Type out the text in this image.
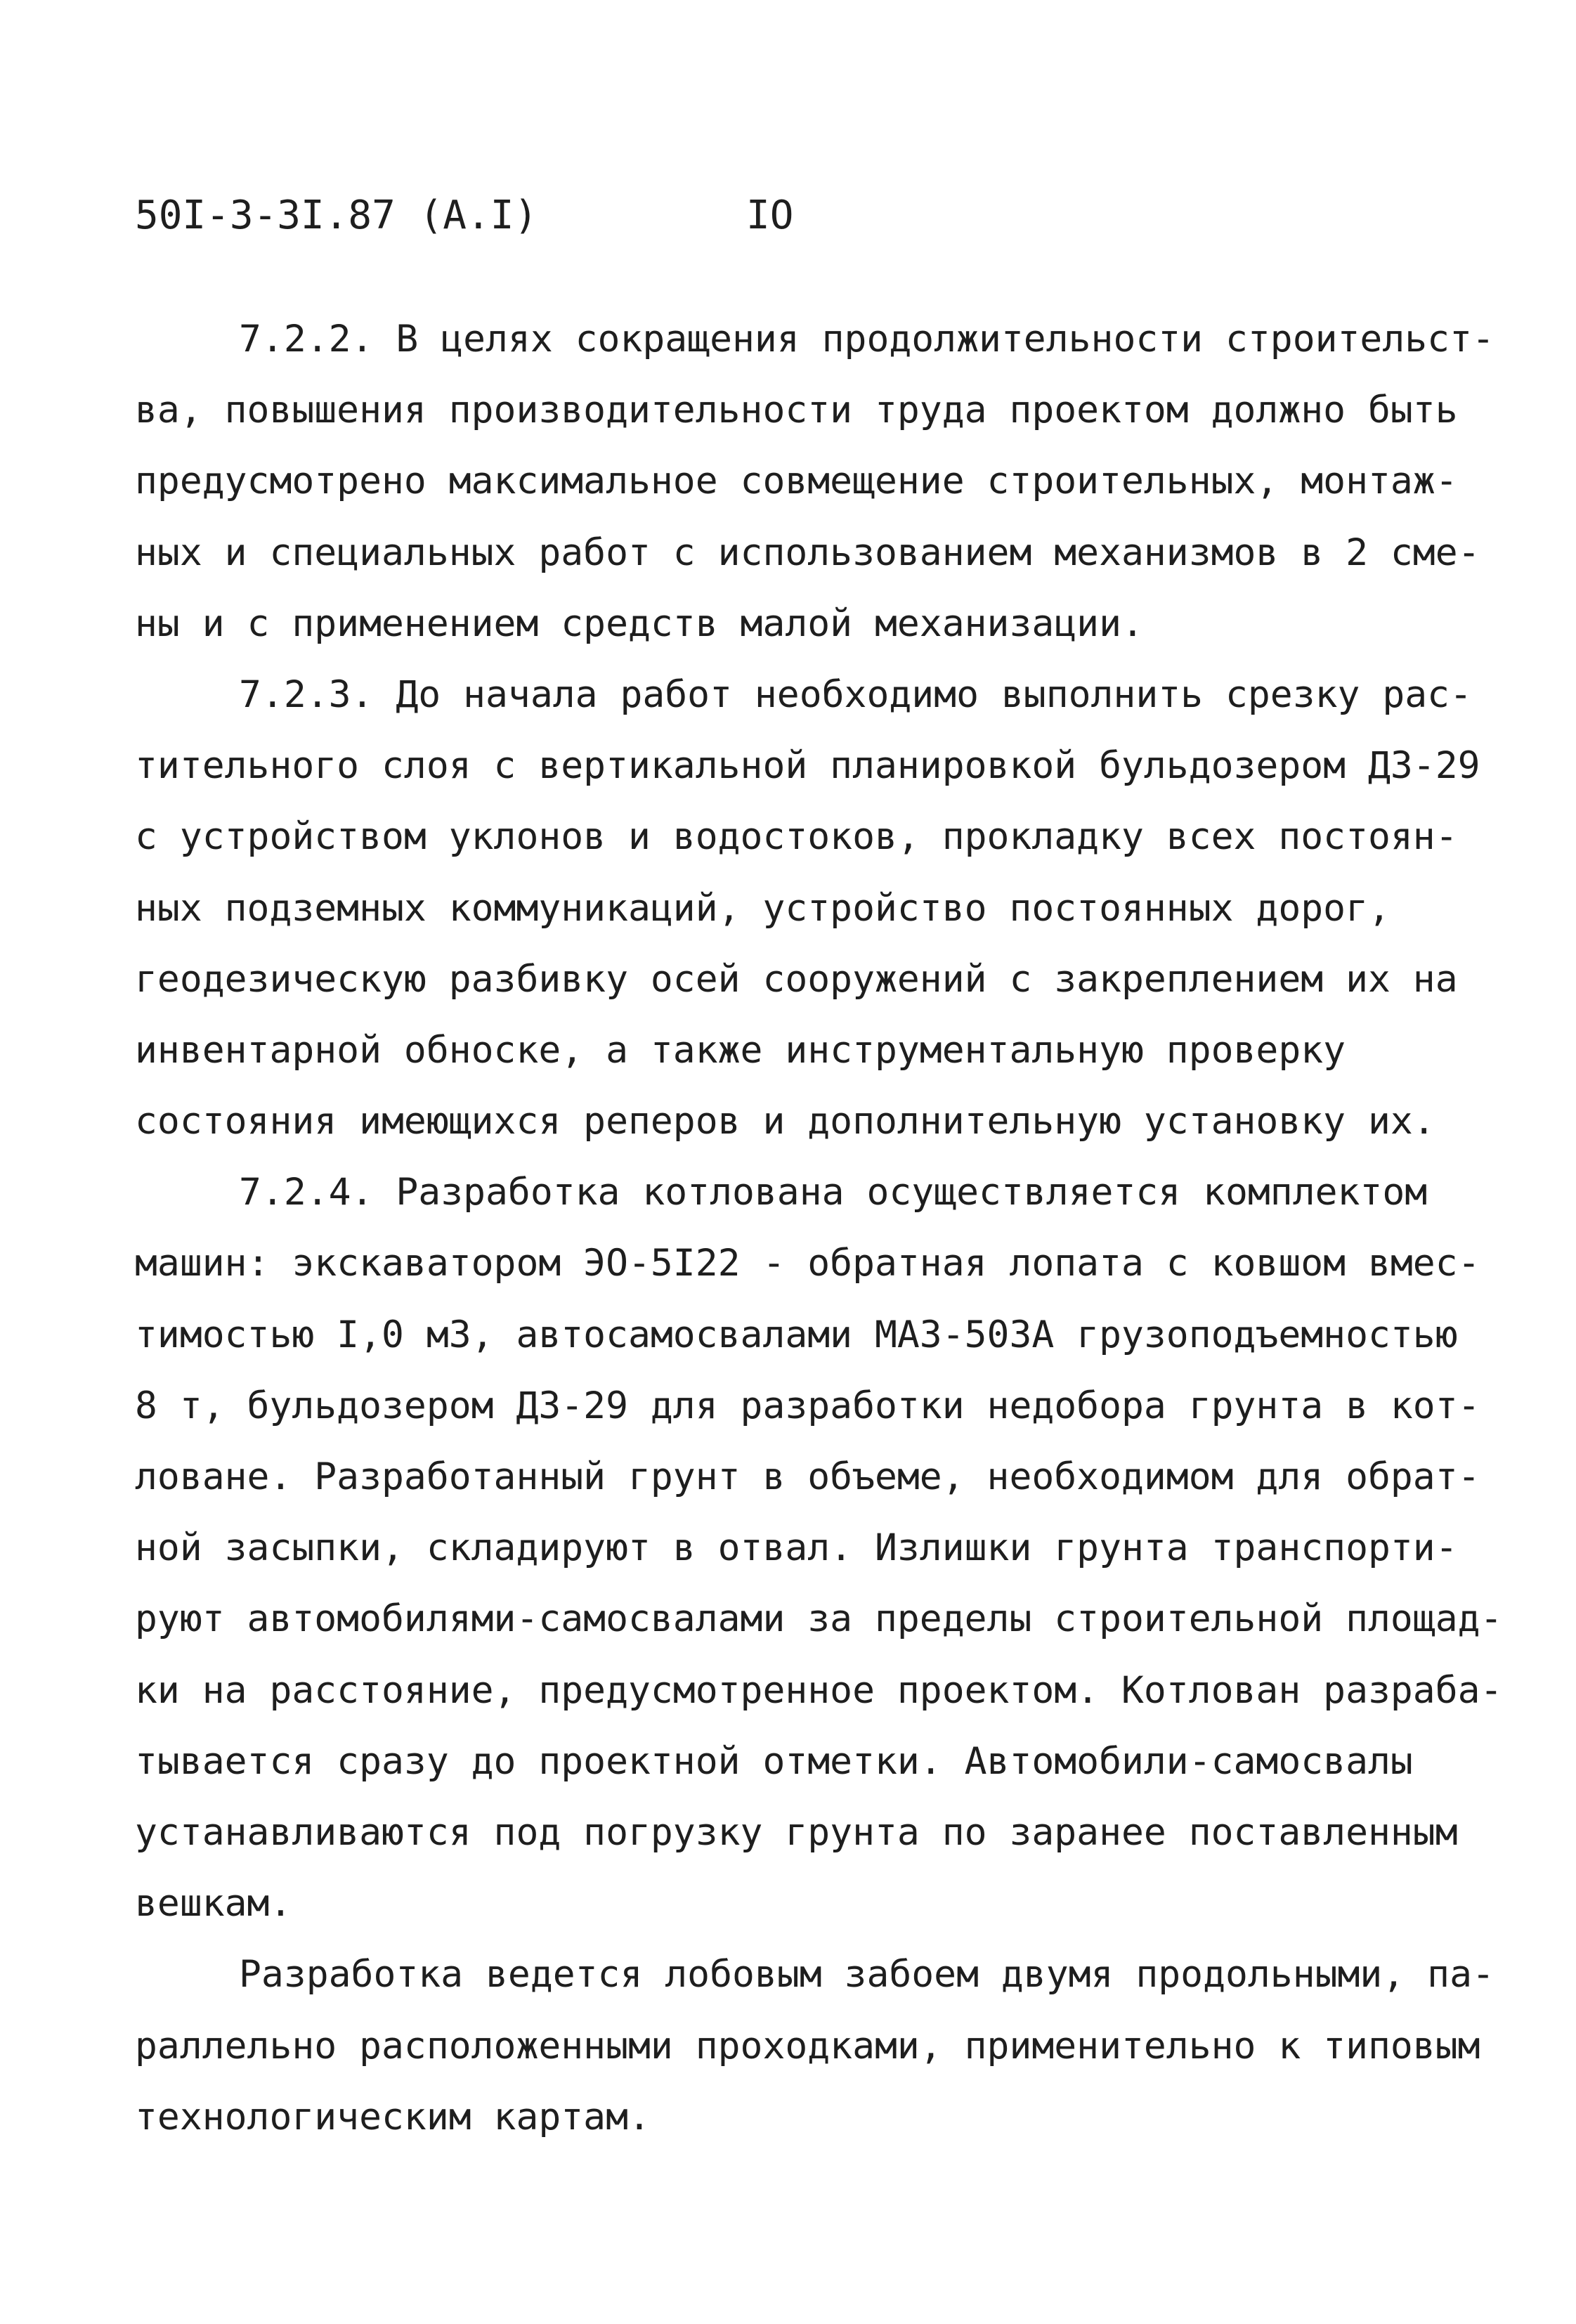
50I-3-3I.87 (А.I)	IO
7.2.2. В целях сокращения продолжительности строительст-
ва, повышения производительности труда проектом должно быть
предусмотрено максимальное совмещение строительных, монтаж-
ных и специальных работ с использованием механизмов в 2 сме-
ны и с применением средств малой механизации.
7.2.3. До начала работ необходимо выполнить срезку рас-
тительного слоя с вертикальной планировкой бульдозером ДЗ-29
с устройством уклонов и водостоков, прокладку всех постоян-
ных подземных коммуникаций, устройство постоянных дорог,
геодезическую разбивку осей сооружений с закреплением их на
инвентарной обноске, а также инструментальную проверку
состояния имеющихся реперов и дополнительную установку их.
7.2.4. Разработка котлована осуществляется комплектом
машин: экскаватором ЭО-5I22 - обратная лопата с ковшом вмес-
тимостью I,0 м3, автосамосвалами МАЗ-503А грузоподъемностью
8 т, бульдозером ДЗ-29 для разработки недобора грунта в кот-
ловане. Разработанный грунт в объеме, необходимом для обрат-
ной засыпки, складируют в отвал. Излишки грунта транспорти-
руют автомобилями-самосвалами за пределы строительной площад-
ки на расстояние, предусмотренное проектом. Котлован разраба-
тывается сразу до проектной отметки. Автомобили-самосвалы
устанавливаются под погрузку грунта по заранее поставленным
вешкам.
Разработка ведется лобовым забоем двумя продольными, па-
раллельно расположенными проходками, применительно к типовым
технологическим картам.
